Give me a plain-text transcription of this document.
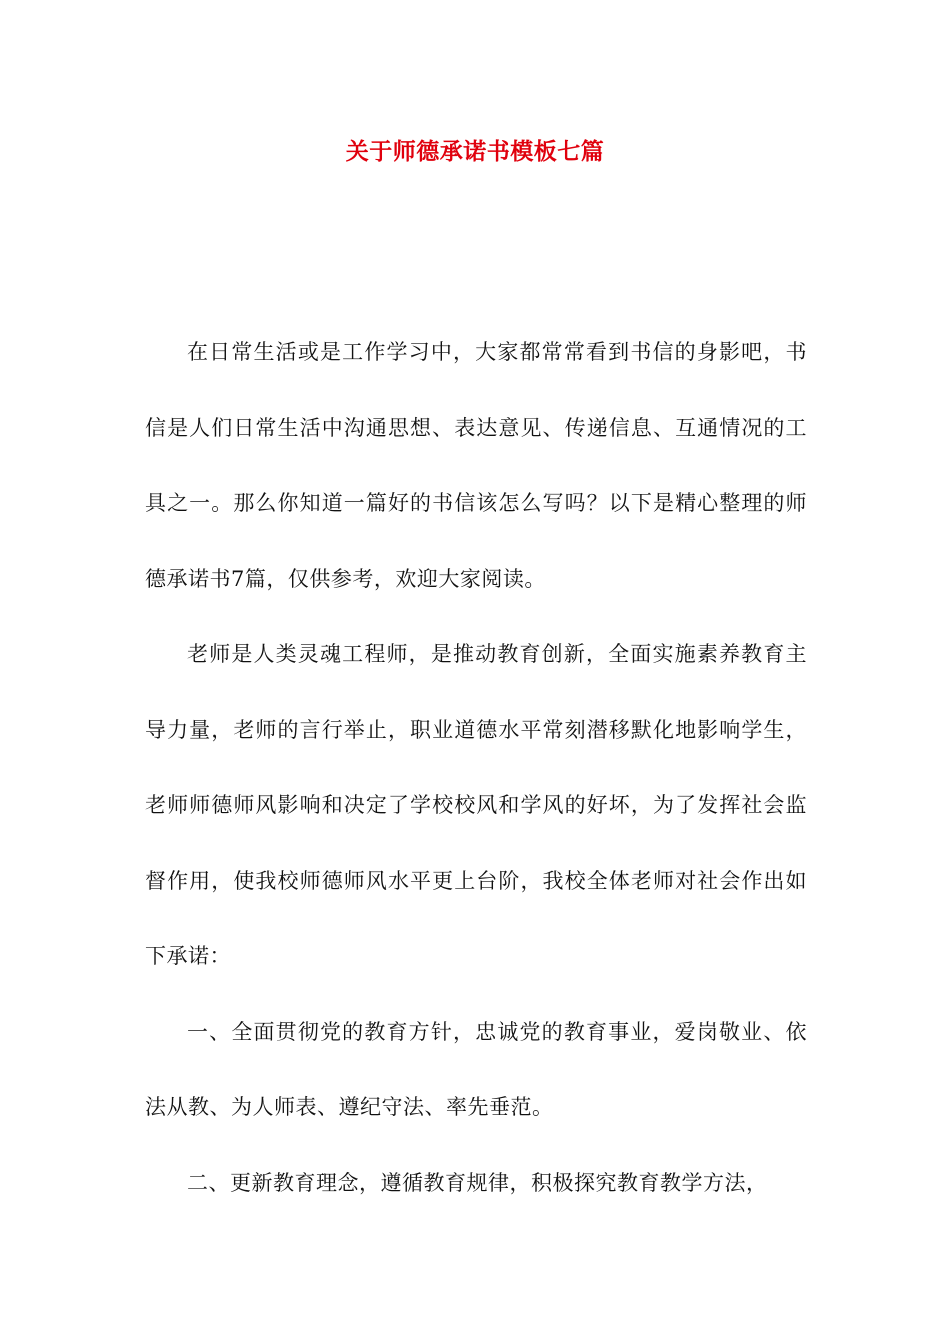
关于师德承诺书模板七篇

在日常生活或是工作学习中，大家都常常看到书信的身影吧，书信是人们日常生活中沟通思想、表达意见、传递信息、互通情况的工具之一。那么你知道一篇好的书信该怎么写吗？以下是精心整理的师德承诺书7篇，仅供参考，欢迎大家阅读。

老师是人类灵魂工程师，是推动教育创新，全面实施素养教育主导力量，老师的言行举止，职业道德水平常刻潜移默化地影响学生，老师师德师风影响和决定了学校校风和学风的好坏，为了发挥社会监督作用，使我校师德师风水平更上台阶，我校全体老师对社会作出如下承诺：

一、全面贯彻党的教育方针，忠诚党的教育事业，爱岗敬业、依法从教、为人师表、遵纪守法、率先垂范。

二、更新教育理念，遵循教育规律，积极探究教育教学方法，
